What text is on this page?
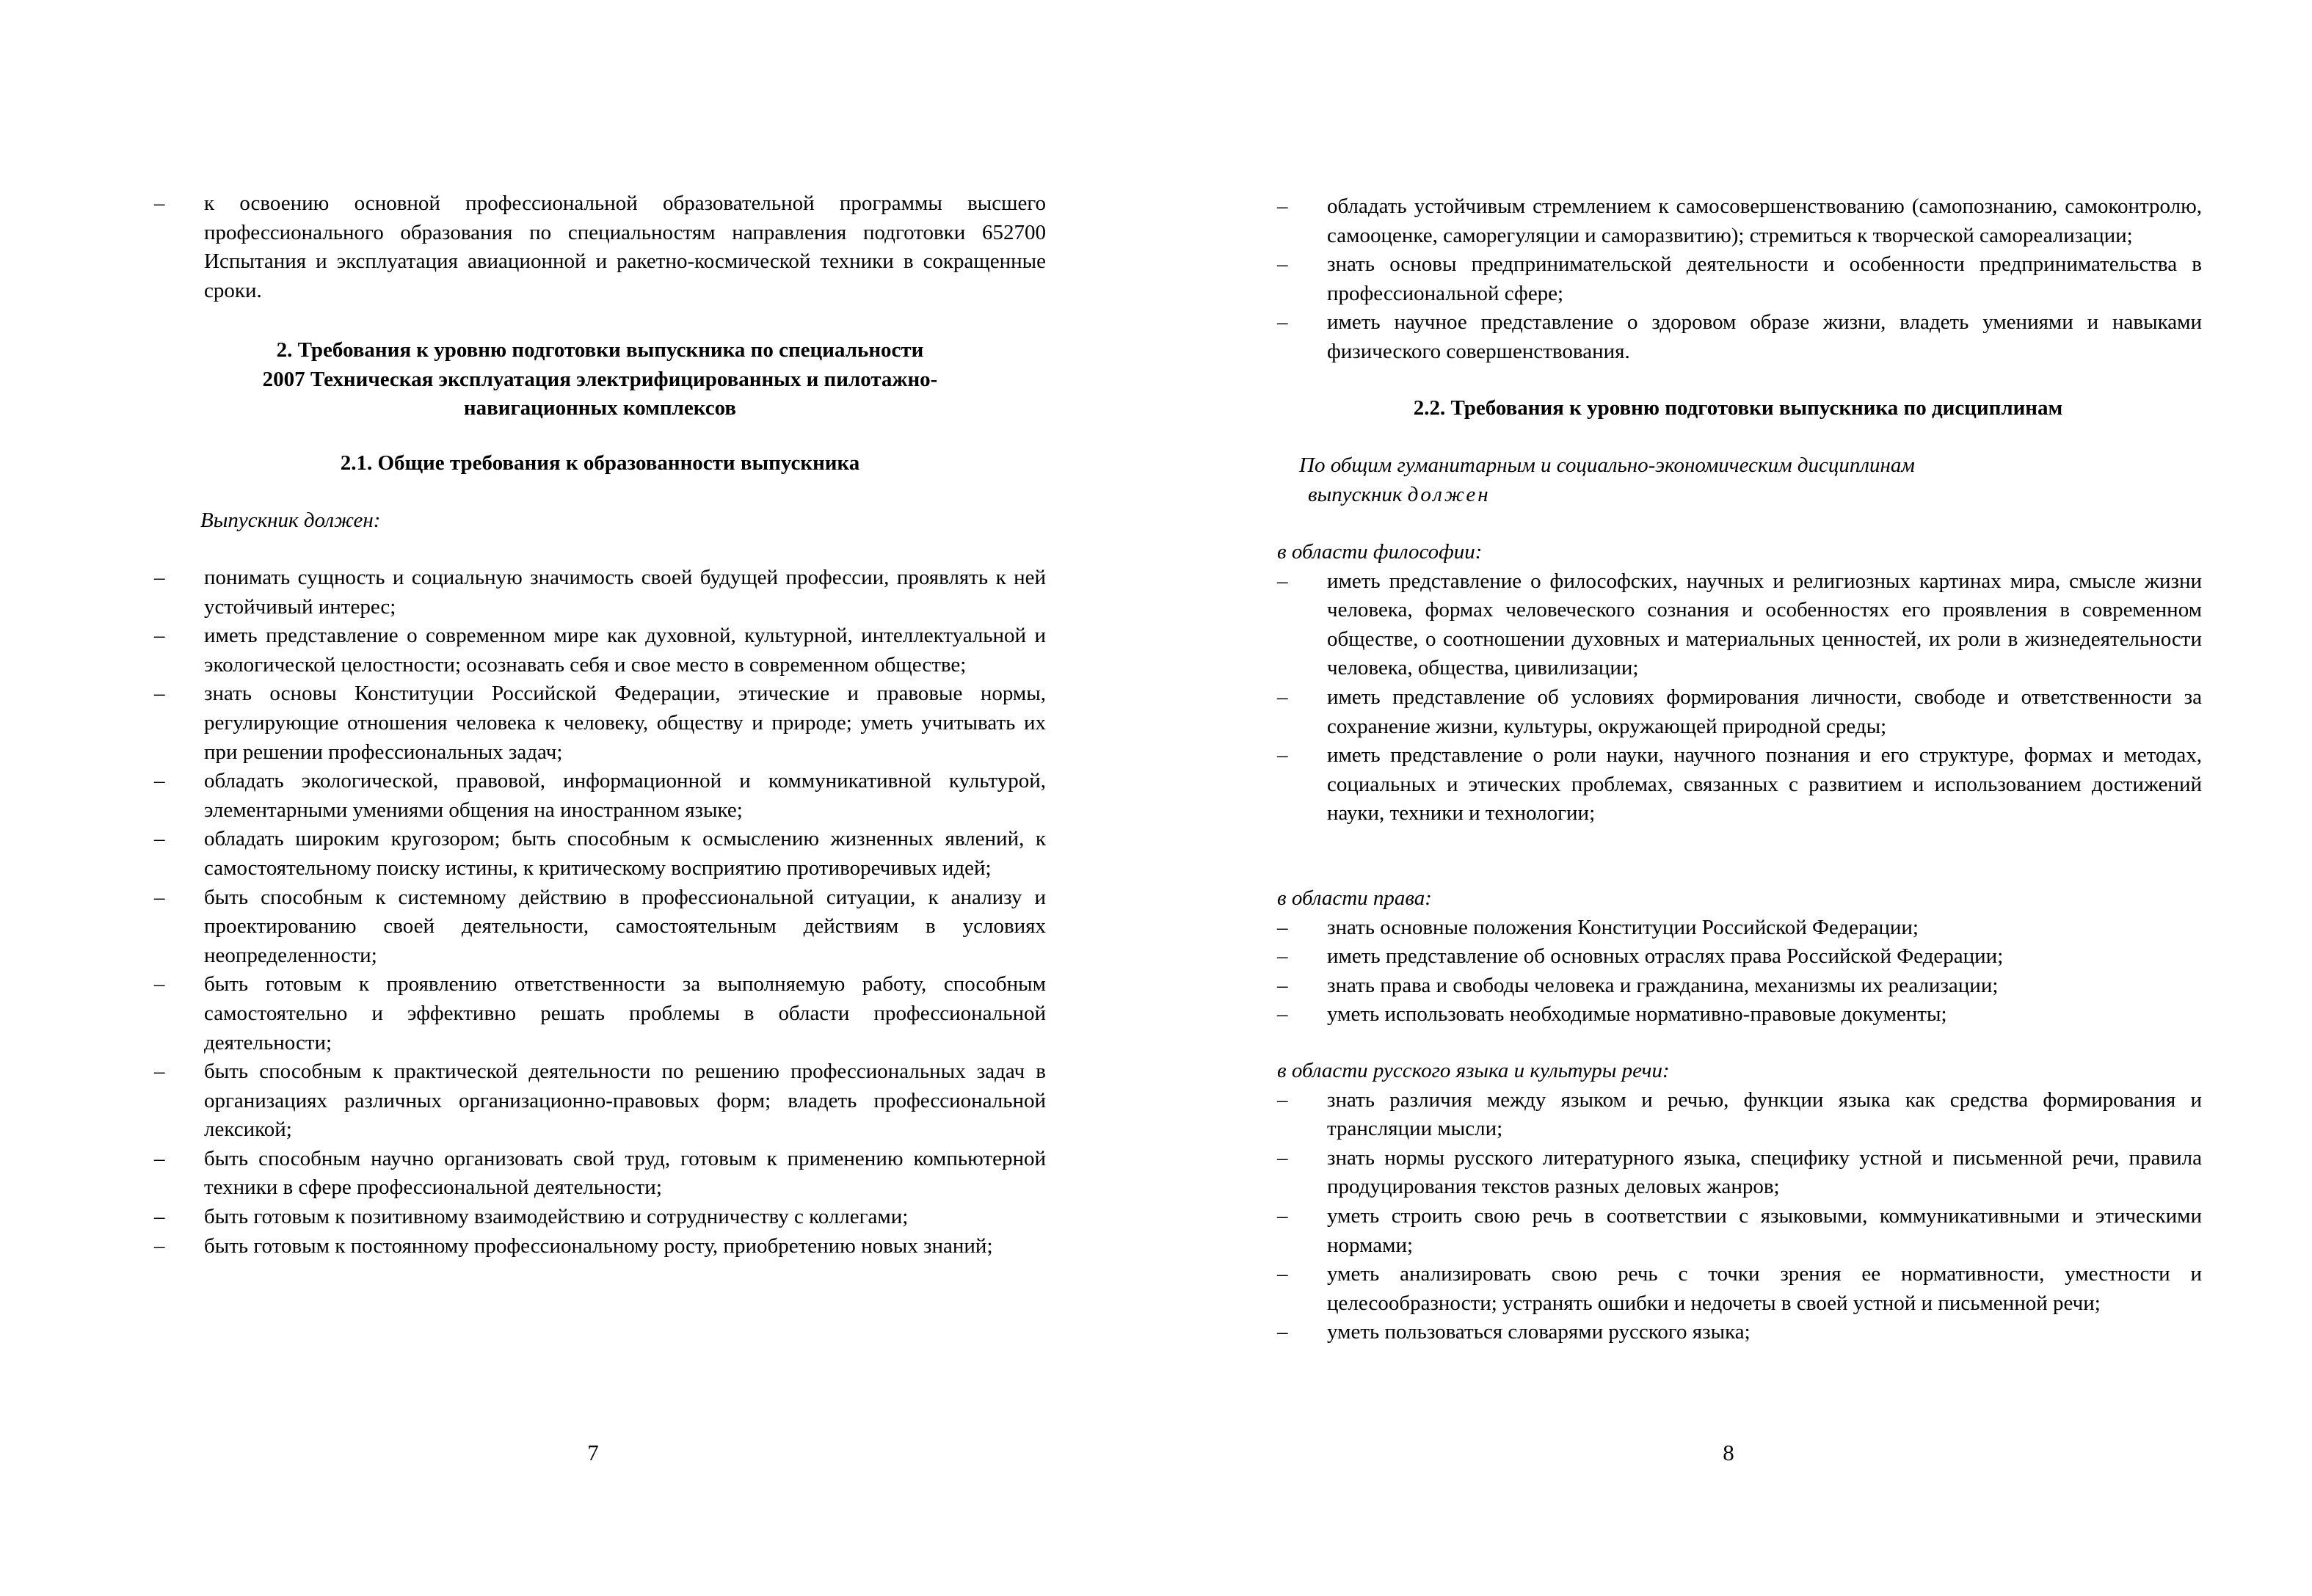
– к освоению основной профессиональной образовательной программы высшего профессионального образования по специальностям направления подготовки 652700 Испытания и эксплуатация авиационной и ракетно-космической техники в сокращенные сроки.
2. Требования к уровню подготовки выпускника по специальности
2007 Техническая эксплуатация электрифицированных и пилотажно-
навигационных комплексов
2.1. Общие требования к образованности выпускника
Выпускник должен:
– понимать сущность и социальную значимость своей будущей профессии, проявлять к ней устойчивый интерес;
– иметь представление о современном мире как духовной, культурной, интеллектуальной и экологической целостности; осознавать себя и свое место в современном обществе;
– знать основы Конституции Российской Федерации, этические и правовые нормы, регулирующие отношения человека к человеку, обществу и природе; уметь учитывать их при решении профессиональных задач;
– обладать экологической, правовой, информационной и коммуникативной культурой, элементарными умениями общения на иностранном языке;
– обладать широким кругозором; быть способным к осмыслению жизненных явлений, к самостоятельному поиску истины, к критическому восприятию противоречивых идей;
– быть способным к системному действию в профессиональной ситуации, к анализу и проектированию своей деятельности, самостоятельным действиям в условиях неопределенности;
– быть готовым к проявлению ответственности за выполняемую работу, способным самостоятельно и эффективно решать проблемы в области профессиональной деятельности;
– быть способным к практической деятельности по решению профессиональных задач в организациях различных организационно-правовых форм; владеть профессиональной лексикой;
– быть способным научно организовать свой труд, готовым к применению компьютерной техники в сфере профессиональной деятельности;
– быть готовым к позитивному взаимодействию и сотрудничеству с коллегами;
– быть готовым к постоянному профессиональному росту, приобретению новых знаний;
7
– обладать устойчивым стремлением к самосовершенствованию (самопознанию, самоконтролю, самооценке, саморегуляции и саморазвитию); стремиться к творческой самореализации;
– знать основы предпринимательской деятельности и особенности предпринимательства в профессиональной сфере;
– иметь научное представление о здоровом образе жизни, владеть умениями и навыками физического совершенствования.
2.2. Требования к уровню подготовки выпускника по дисциплинам
По общим гуманитарным и социально-экономическим дисциплинам
выпускник должен
в области философии:
– иметь представление о философских, научных и религиозных картинах мира, смысле жизни человека, формах человеческого сознания и особенностях его проявления в современном обществе, о соотношении духовных и материальных ценностей, их роли в жизнедеятельности человека, общества, цивилизации;
– иметь представление об условиях формирования личности, свободе и ответственности за сохранение жизни, культуры, окружающей природной среды;
– иметь представление о роли науки, научного познания и его структуре, формах и методах, социальных и этических проблемах, связанных с развитием и использованием достижений науки, техники и технологии;
в области права:
– знать основные положения Конституции Российской Федерации;
– иметь представление об основных отраслях права Российской Федерации;
– знать права и свободы человека и гражданина, механизмы их реализации;
– уметь использовать необходимые нормативно-правовые документы;
в области русского языка и культуры речи:
– знать различия между языком и речью, функции языка как средства формирования и трансляции мысли;
– знать нормы русского литературного языка, специфику устной и письменной речи, правила продуцирования текстов разных деловых жанров;
– уметь строить свою речь в соответствии с языковыми, коммуникативными и этическими нормами;
– уметь анализировать свою речь с точки зрения ее нормативности, уместности и целесообразности; устранять ошибки и недочеты в своей устной и письменной речи;
– уметь пользоваться словарями русского языка;
8
